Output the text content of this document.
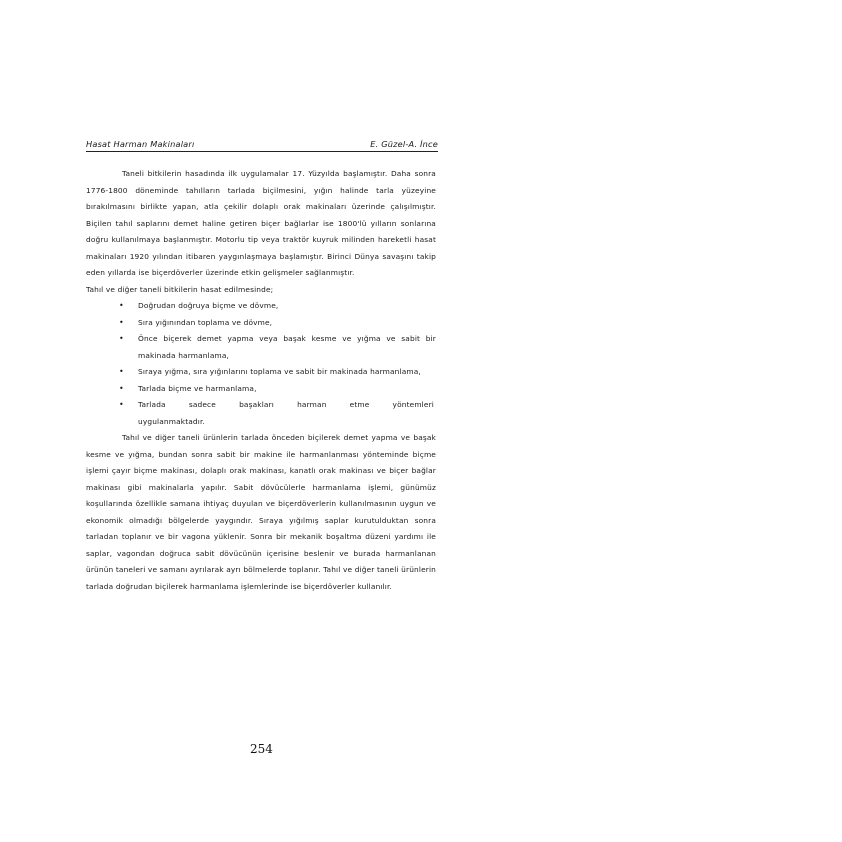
Hasat Harman Makinaları	E. Güzel-A. İnce

Taneli bitkilerin hasadında ilk uygulamalar 17. Yüzyılda başlamıştır. Daha sonra 1776-1800 döneminde tahılların tarlada biçilmesini, yığın halinde tarla yüzeyine bırakılmasını birlikte yapan, atla çekilir dolaplı orak makinaları üzerinde çalışılmıştır. Biçilen tahıl saplarını demet haline getiren biçer bağlarlar ise 1800'lü yılların sonlarına doğru kullanılmaya başlanmıştır. Motorlu tip veya traktör kuyruk milinden hareketli hasat makinaları 1920 yılından itibaren yaygınlaşmaya başlamıştır. Birinci Dünya savaşını takip eden yıllarda ise biçerdöverler üzerinde etkin gelişmeler sağlanmıştır.

Tahıl ve diğer taneli bitkilerin hasat edilmesinde;

• Doğrudan doğruya biçme ve dövme,
• Sıra yığınından toplama ve dövme,
• Önce biçerek demet yapma veya başak kesme ve yığma ve sabit bir makinada harmanlama,
• Sıraya yığma, sıra yığınlarını toplama ve sabit bir makinada harmanlama,
• Tarlada biçme ve harmanlama,
• Tarlada	sadece	başakları	harman	etme	yöntemleri
uygulanmaktadır.

Tahıl ve diğer taneli ürünlerin tarlada önceden biçilerek demet yapma ve başak kesme ve yığma, bundan sonra sabit bir makine ile harmanlanması yönteminde biçme işlemi çayır biçme makinası, dolaplı orak makinası, kanatlı orak makinası ve biçer bağlar makinası gibi makinalarla yapılır. Sabit dövücülerle harmanlama işlemi, günümüz koşullarında özellikle samana ihtiyaç duyulan ve biçerdöverlerin kullanılmasının uygun ve ekonomik olmadığı bölgelerde yaygındır. Sıraya yığılmış saplar kurutulduktan sonra tarladan toplanır ve bir vagona yüklenir. Sonra bir mekanik boşaltma düzeni yardımı ile saplar, vagondan doğruca sabit dövücünün içerisine beslenir ve burada harmanlanan ürünün taneleri ve samanı ayrılarak ayrı bölmelerde toplanır. Tahıl ve diğer taneli ürünlerin tarlada doğrudan biçilerek harmanlama işlemlerinde ise biçerdöverler kullanılır.

254
